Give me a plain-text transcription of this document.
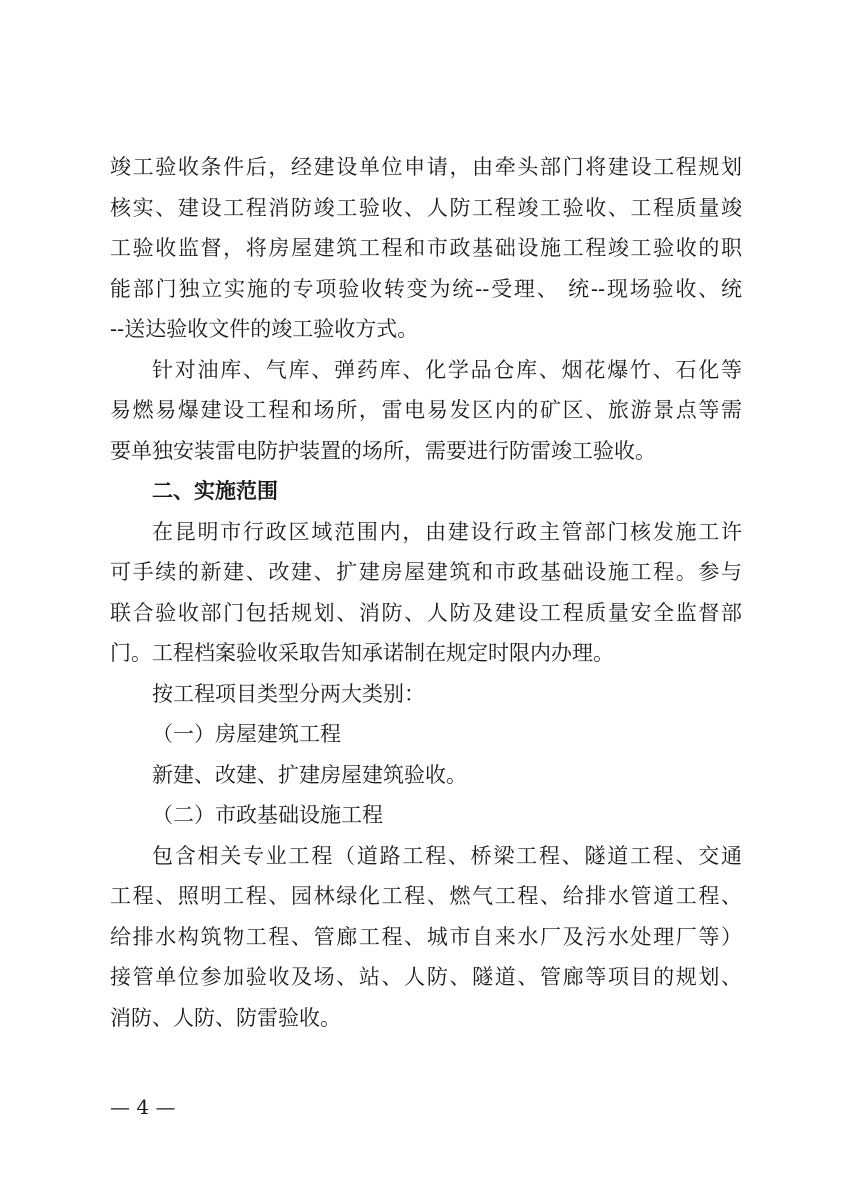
竣工验收条件后，经建设单位申请，由牵头部门将建设工程规划
核实、建设工程消防竣工验收、人防工程竣工验收、工程质量竣
工验收监督，将房屋建筑工程和市政基础设施工程竣工验收的职
能部门独立实施的专项验收转变为统--受理、 统--现场验收、统
--送达验收文件的竣工验收方式。
针对油库、气库、弹药库、化学品仓库、烟花爆竹、石化等
易燃易爆建设工程和场所，雷电易发区内的矿区、旅游景点等需
要单独安装雷电防护装置的场所，需要进行防雷竣工验收。
二、实施范围
在昆明市行政区域范围内，由建设行政主管部门核发施工许
可手续的新建、改建、扩建房屋建筑和市政基础设施工程。参与
联合验收部门包括规划、消防、人防及建设工程质量安全监督部
门。工程档案验收采取告知承诺制在规定时限内办理。
按工程项目类型分两大类别：
（一）房屋建筑工程
新建、改建、扩建房屋建筑验收。
（二）市政基础设施工程
包含相关专业工程（道路工程、桥梁工程、隧道工程、交通
工程、照明工程、园林绿化工程、燃气工程、给排水管道工程、
给排水构筑物工程、管廊工程、城市自来水厂及污水处理厂等）
接管单位参加验收及场、站、人防、隧道、管廊等项目的规划、
消防、人防、防雷验收。
— 4 —
